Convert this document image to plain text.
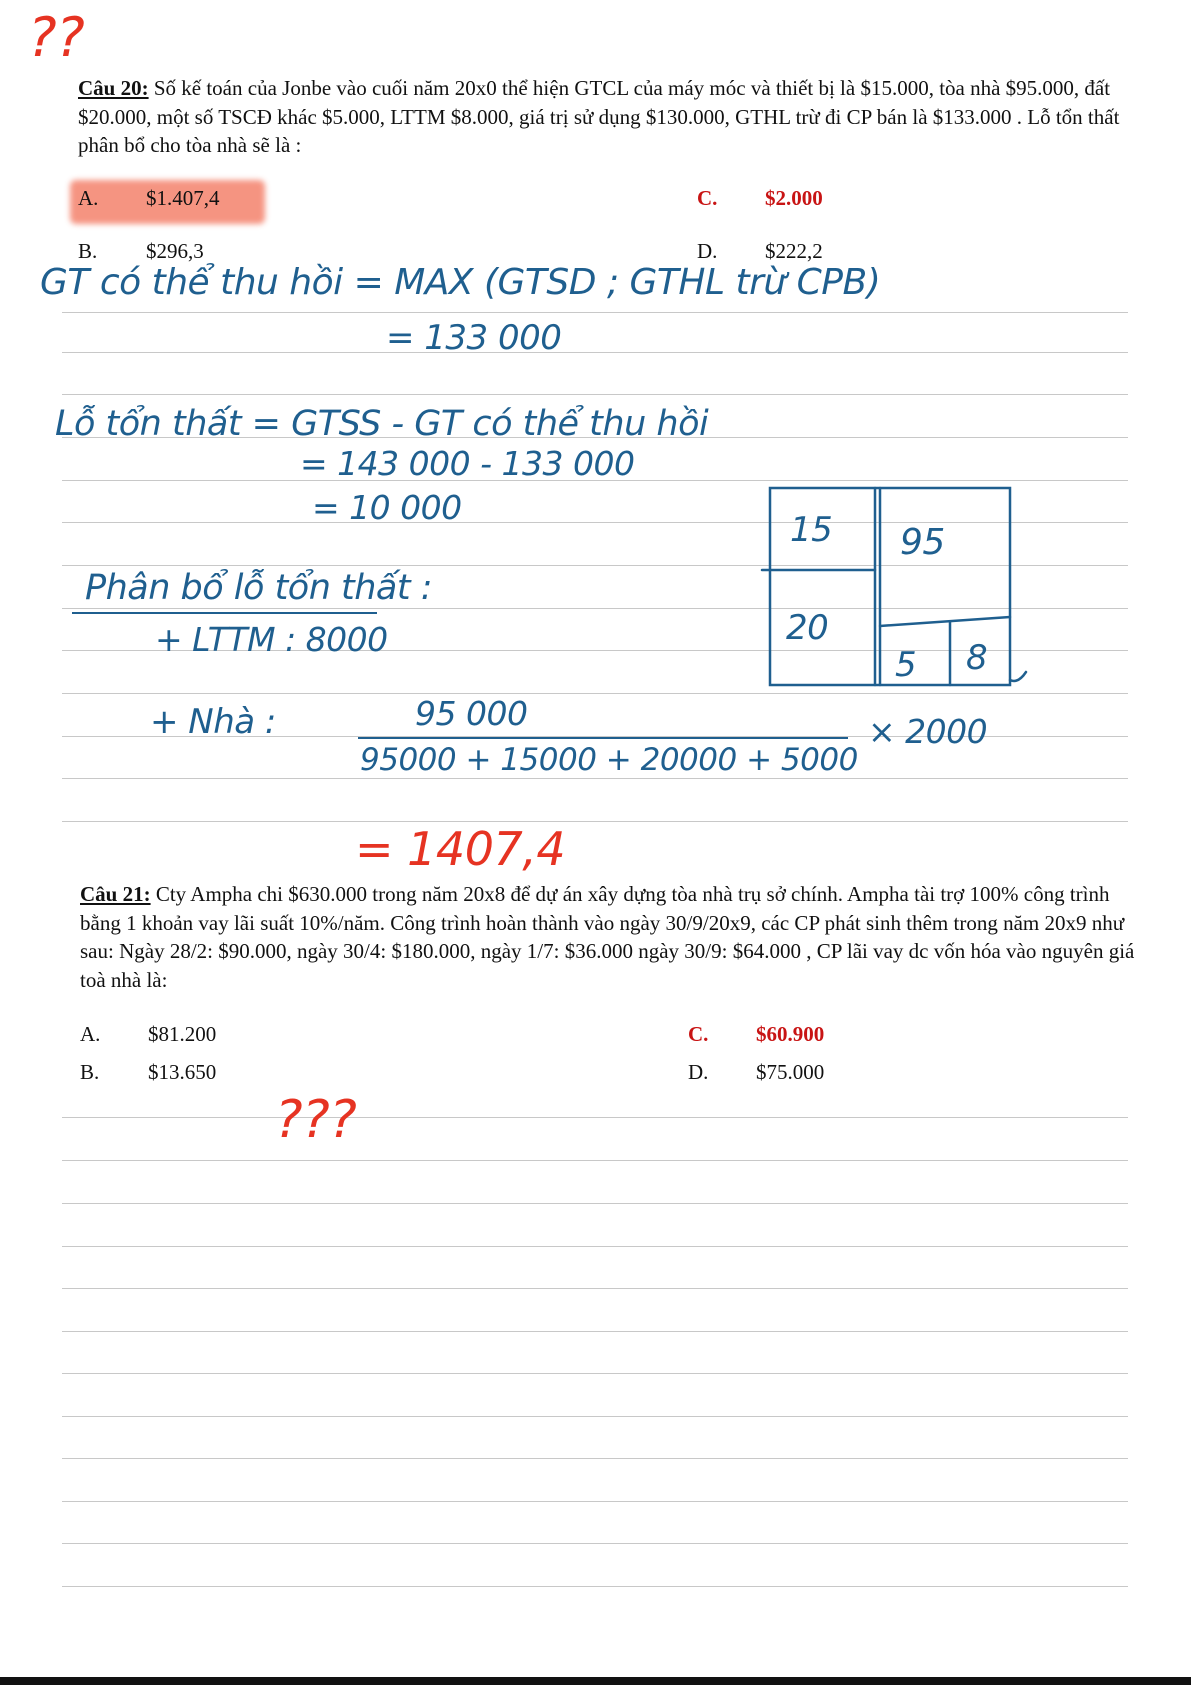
??
Câu 20: Số kế toán của Jonbe vào cuối năm 20x0 thể hiện GTCL của máy móc và thiết bị là $15.000, tòa nhà $95.000, đất $20.000, một số TSCĐ khác $5.000, LTTM $8.000, giá trị sử dụng $130.000, GTHL trừ đi CP bán là $133.000 . Lỗ tổn thất phân bổ cho tòa nhà sẽ là :
A. $1.407,4
B. $296,3
C. $2.000
D. $222,2
GT có thể thu hồi = MAX (GTSD ; GTHL trừ CPB)
= 133 000
Lỗ tổn thất = GTSS - GT có thể thu hồi
= 143 000 - 133 000
= 10 000
Phân bổ lỗ tổn thất :
+ LTTM : 8000
+ Nhà :	95 000
95000 + 15000 + 20000 + 5000
× 2000
= 1407,4
15 95
20
5 8
Câu 21: Cty Ampha chi $630.000 trong năm 20x8 để dự án xây dựng tòa nhà trụ sở chính. Ampha tài trợ 100% công trình bằng 1 khoản vay lãi suất 10%/năm. Công trình hoàn thành vào ngày 30/9/20x9, các CP phát sinh thêm trong năm 20x9 như sau: Ngày 28/2: $90.000, ngày 30/4: $180.000, ngày 1/7: $36.000 ngày 30/9: $64.000 , CP lãi vay dc vốn hóa vào nguyên giá toà nhà là:
A. $81.200
B. $13.650
C. $60.900
D. $75.000
???
